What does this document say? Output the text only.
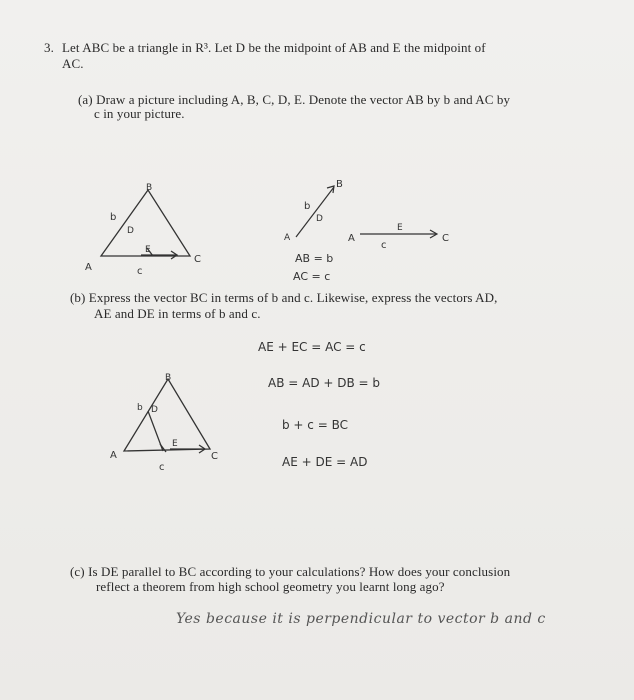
3. Let ABC be a triangle in R³. Let D be the midpoint of AB and E the midpoint of
AC.
(a) Draw a picture including A, B, C, D, E. Denote the vector AB by b and AC by
c in your picture.
A
B
C
D
E
b
c
A
B
A	C
D
E
b
c
AB = b
AC = c
(b) Express the vector BC in terms of b and c. Likewise, express the vectors AD,
AE and DE in terms of b and c.
AE + EC = AC = c
AB = AD + DB = b
b + c = BC
AE + DE = AD
A
B
C
D
E
b
c
(c) Is DE parallel to BC according to your calculations? How does your conclusion
reflect a theorem from high school geometry you learnt long ago?
Yes because it is perpendicular to vector b and c
